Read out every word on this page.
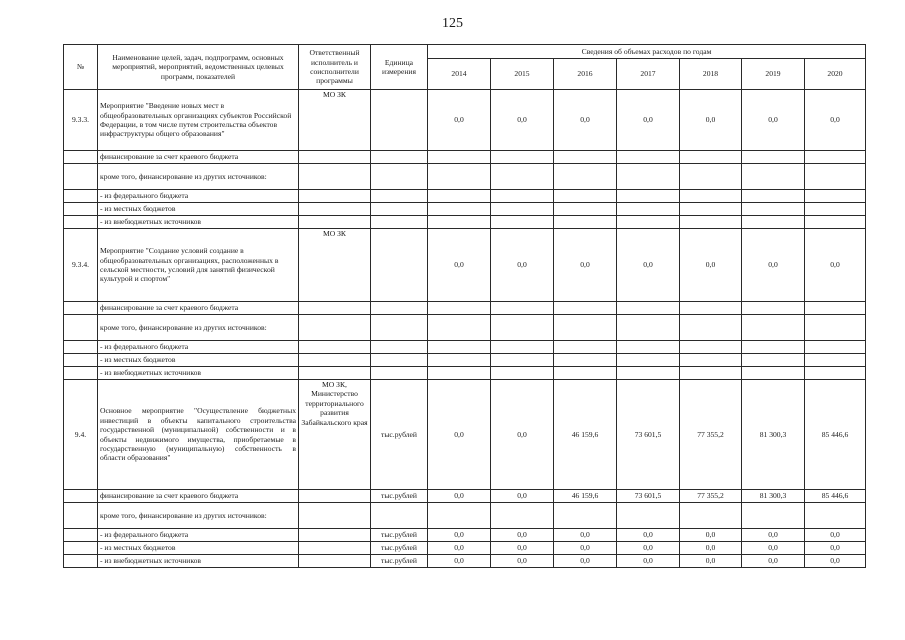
125
№	Наименование целей, задач, подпрограмм, основных мероприятий, мероприятий, ведомственных целевых программ, показателей	Ответственный исполнитель и соисполнители программы	Единица измерения	Сведения об объемах расходов по годам						
				2014	2015	2016	2017	2018	2019	2020
9.3.3.	Мероприятие "Введение новых мест в общеобразовательных организациях субъектов Российской Федерации, в том числе путем строительства объектов инфраструктуры общего образования"	МО ЗК		0,0	0,0	0,0	0,0	0,0	0,0	0,0
	финансирование за счет краевого бюджета									
	кроме того, финансирование из других источников:									
	- из федерального бюджета									
	- из местных бюджетов									
	- из внебюджетных источников									
9.3.4.	Мероприятие "Создание условий создание в общеобразовательных организациях, расположенных в сельской местности, условий для занятий физической культурой и спортом"	МО ЗК		0,0	0,0	0,0	0,0	0,0	0,0	0,0
	финансирование за счет краевого бюджета									
	кроме того, финансирование из других источников:									
	- из федерального бюджета									
	- из местных бюджетов									
	- из внебюджетных источников									
9.4.	Основное мероприятие "Осуществление бюджетных инвестиций в объекты капитального строительства государственной (муниципальной) собственности и в объекты недвижимого имущества, приобретаемые в государственную (муниципальную) собственность в области образования"	МО ЗК, Министерство территориального развития Забайкальского края	тыс.рублей	0,0	0,0	46 159,6	73 601,5	77 355,2	81 300,3	85 446,6
	финансирование за счет краевого бюджета		тыс.рублей	0,0	0,0	46 159,6	73 601,5	77 355,2	81 300,3	85 446,6
	кроме того, финансирование из других источников:									
	- из федерального бюджета		тыс.рублей	0,0	0,0	0,0	0,0	0,0	0,0	0,0
	- из местных бюджетов		тыс.рублей	0,0	0,0	0,0	0,0	0,0	0,0	0,0
	- из внебюджетных источников		тыс.рублей	0,0	0,0	0,0	0,0	0,0	0,0	0,0
